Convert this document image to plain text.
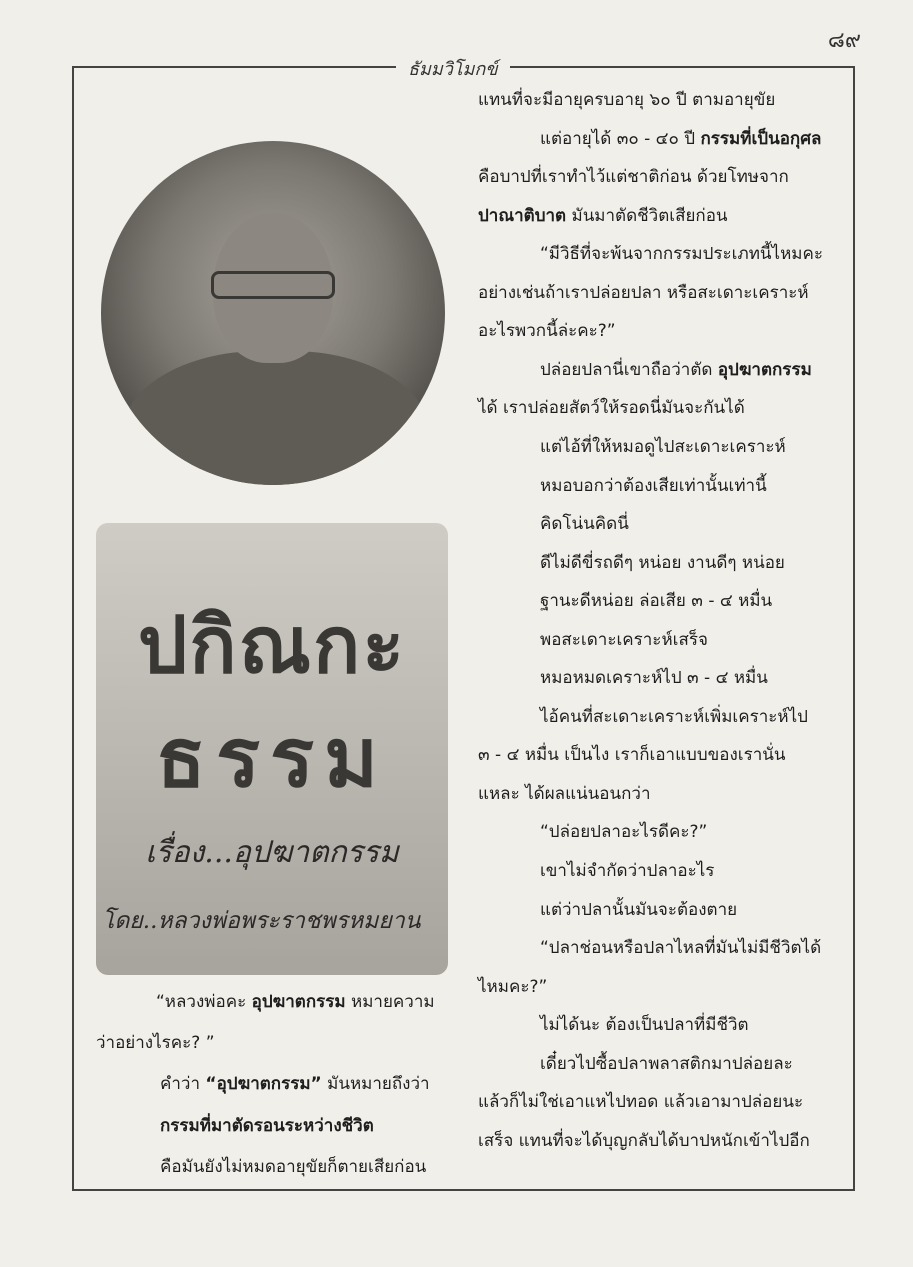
๘๙
ธัมมวิโมกข์
ปกิณกะ
ธรรม
เรื่อง...อุปฆาตกรรม
โดย..หลวงพ่อพระราชพรหมยาน
“หลวงพ่อคะ อุปฆาตกรรม หมายความ
ว่าอย่างไรคะ? ”
คำว่า “อุปฆาตกรรม” มันหมายถึงว่า
กรรมที่มาตัดรอนระหว่างชีวิต
คือมันยังไม่หมดอายุขัยก็ตายเสียก่อน
แทนที่จะมีอายุครบอายุ ๖๐ ปี ตามอายุขัย
แต่อายุได้ ๓๐ - ๔๐ ปี กรรมที่เป็นอกุศล
คือบาปที่เราทำไว้แต่ชาติก่อน ด้วยโทษจาก
ปาณาติบาต มันมาตัดชีวิตเสียก่อน
“มีวิธีที่จะพ้นจากกรรมประเภทนี้ไหมคะ
อย่างเช่นถ้าเราปล่อยปลา หรือสะเดาะเคราะห์
อะไรพวกนี้ล่ะคะ?”
ปล่อยปลานี่เขาถือว่าตัด อุปฆาตกรรม
ได้ เราปล่อยสัตว์ให้รอดนี่มันจะกันได้
แต่ไอ้ที่ให้หมอดูไปสะเดาะเคราะห์
หมอบอกว่าต้องเสียเท่านั้นเท่านี้
คิดโน่นคิดนี่
ดีไม่ดีขี่รถดีๆ หน่อย งานดีๆ หน่อย
ฐานะดีหน่อย ล่อเสีย ๓ - ๔ หมื่น
พอสะเดาะเคราะห์เสร็จ
หมอหมดเคราะห์ไป ๓ - ๔ หมื่น
ไอ้คนที่สะเดาะเคราะห์เพิ่มเคราะห์ไป
๓ - ๔ หมื่น เป็นไง เราก็เอาแบบของเรานั่น
แหละ ได้ผลแน่นอนกว่า
“ปล่อยปลาอะไรดีคะ?”
เขาไม่จำกัดว่าปลาอะไร
แต่ว่าปลานั้นมันจะต้องตาย
“ปลาช่อนหรือปลาไหลที่มันไม่มีชีวิตได้
ไหมคะ?”
ไม่ได้นะ ต้องเป็นปลาที่มีชีวิต
เดี๋ยวไปซื้อปลาพลาสติกมาปล่อยละ
แล้วก็ไม่ใช่เอาแหไปทอด แล้วเอามาปล่อยนะ
เสร็จ แทนที่จะได้บุญกลับได้บาปหนักเข้าไปอีก
